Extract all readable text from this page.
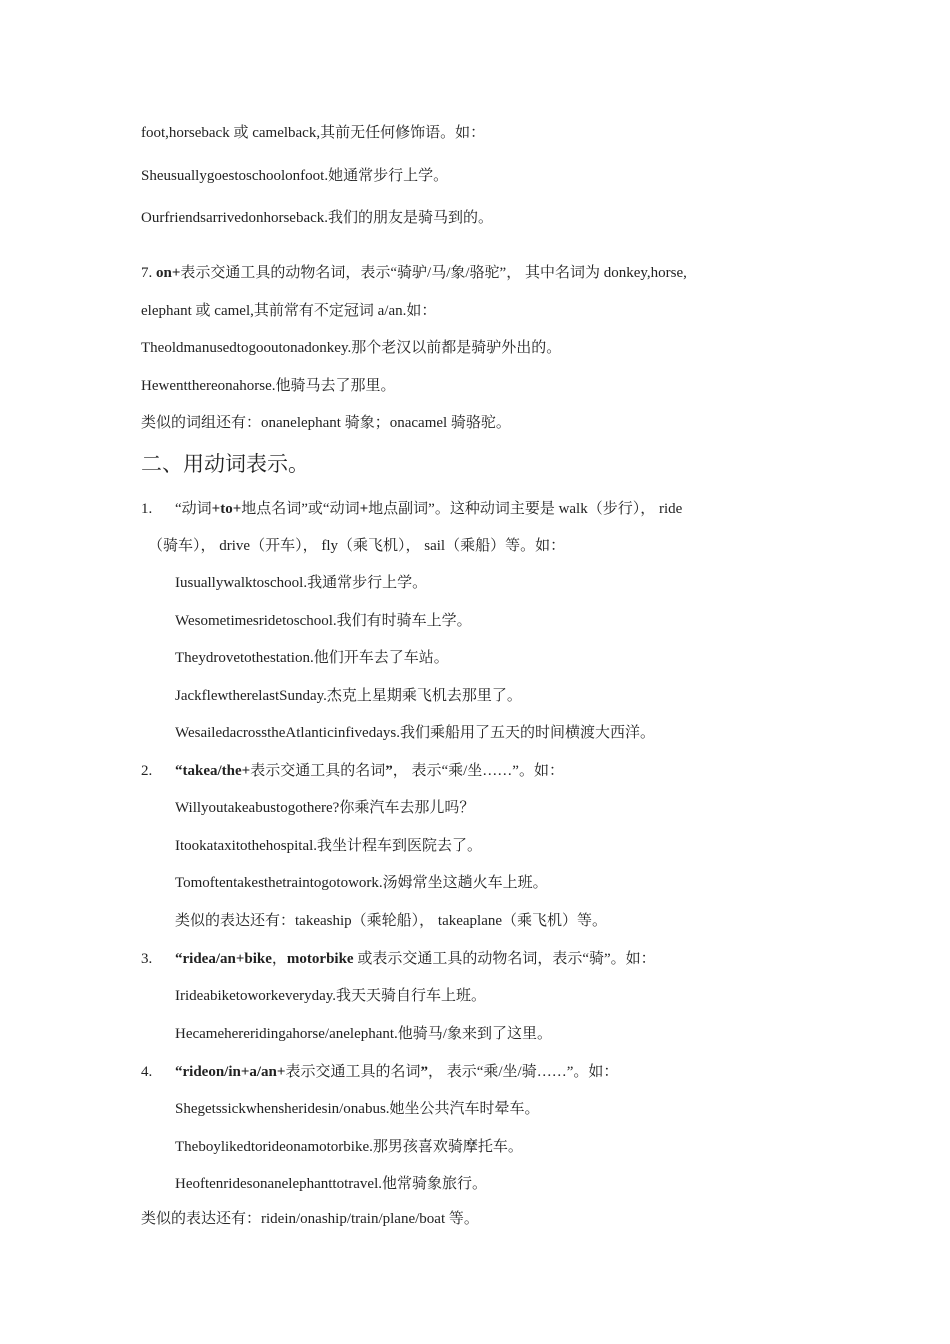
foot,horseback 或 camelback,其前无任何修饰语。如：
Sheusuallygoestoschoolonfoot.她通常步行上学。
Ourfriendsarrivedonhorseback.我们的朋友是骑马到的。
7. on+表示交通工具的动物名词，表示“骑驴/马/象/骆驼”， 其中名词为 donkey,horse,
elephant 或 camel,其前常有不定冠词 a/an.如：
Theoldmanusedtogooutonadonkey.那个老汉以前都是骑驴外出的。
Hewentthereonahorse.他骑马去了那里。
类似的词组还有：onanelephant 骑象；onacamel 骑骆驼。
二、用动词表示。
1. “动词+to+地点名词”或“动词+地点副词”。这种动词主要是 walk（步行）， ride
（骑车）， drive（开车）， fly（乘飞机）， sail（乘船）等。如：
Iusuallywalktoschool.我通常步行上学。
Wesometimesridetoschool.我们有时骑车上学。
Theydrovetothestation.他们开车去了车站。
JackflewtherelastSunday.杰克上星期乘飞机去那里了。
WesailedacrosstheAtlanticinfivedays.我们乘船用了五天的时间横渡大西洋。
2. “takea/the+表示交通工具的名词”， 表示“乘/坐……”。如：
Willyoutakeabustogothere?你乘汽车去那儿吗？
Itookataxitothehospital.我坐计程车到医院去了。
Tomoftentakesthetraintogotowork.汤姆常坐这趟火车上班。
类似的表达还有：takeaship（乘轮船）， takeaplane（乘飞机）等。
3. “ridea/an+bike，motorbike 或表示交通工具的动物名词，表示“骑”。如：
Irideabiketoworkeveryday.我天天骑自行车上班。
Hecamehereridingahorse/anelephant.他骑马/象来到了这里。
4. “rideon/in+a/an+表示交通工具的名词”， 表示“乘/坐/骑……”。如：
Shegetssickwhensheridesin/onabus.她坐公共汽车时晕车。
Theboylikedtorideonamotorbike.那男孩喜欢骑摩托车。
Heoftenridesonanelephanttotravel.他常骑象旅行。
类似的表达还有：ridein/onaship/train/plane/boat 等。
